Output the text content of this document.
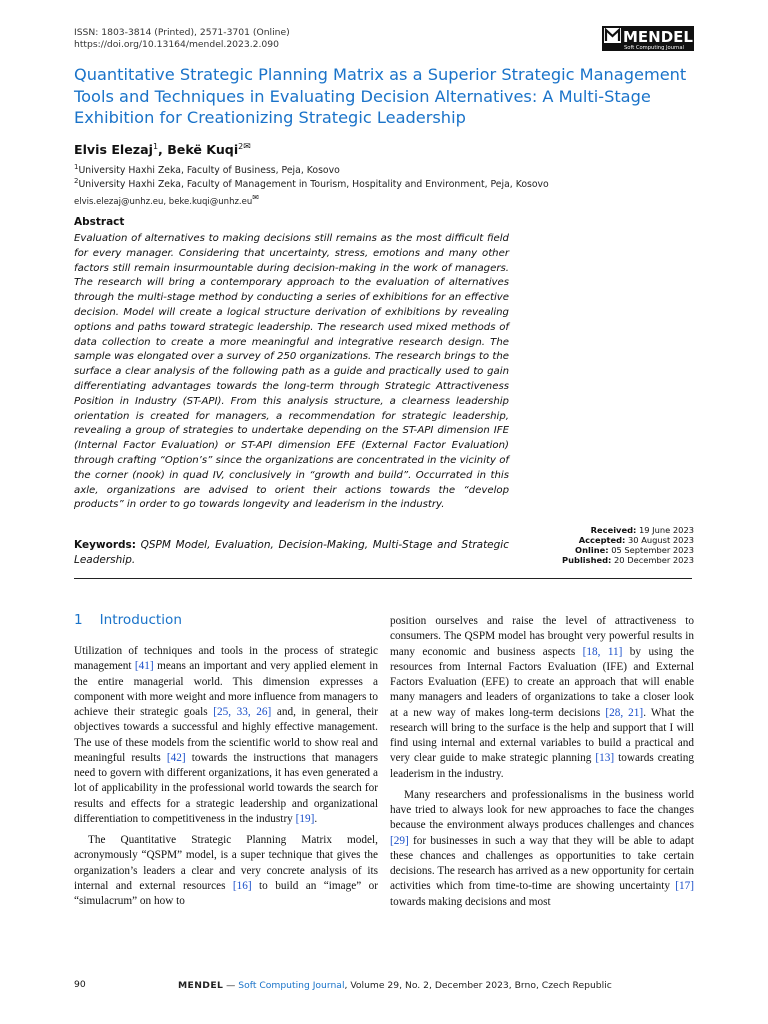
ISSN: 1803-3814 (Printed), 2571-3701 (Online)
https://doi.org/10.13164/mendel.2023.2.090	MENDEL
Soft Computing Journal
Quantitative Strategic Planning Matrix as a Superior Strategic Management Tools and Techniques in Evaluating Decision Alternatives: A Multi-Stage Exhibition for Creationizing Strategic Leadership
Elvis Elezaj$^1$, Bekë Kuqi$^{2✉}$
$^1$University Haxhi Zeka, Faculty of Business, Peja, Kosovo
$^2$University Haxhi Zeka, Faculty of Management in Tourism, Hospitality and Environment, Peja, Kosovo
elvis.elezaj@unhz.eu, beke.kuqi@unhz.eu✉
Abstract

Evaluation of alternatives to making decisions still remains as the most difficult field for every manager. Considering that uncertainty, stress, emotions and many other factors still remain insurmountable during decision-making in the work of managers. The research will bring a contemporary approach to the evaluation of alternatives through the multi-stage method by conducting a series of exhibitions for an effective decision. Model will create a logical structure derivation of exhibitions by revealing options and paths toward strategic leadership. The research used mixed methods of data collection to create a more meaningful and integrative research design. The sample was elongated over a survey of 250 organizations. The research brings to the surface a clear analysis of the following path as a guide and practically used to gain differentiating advantages towards the long-term through Strategic Attractiveness Position in Industry (ST-API). From this analysis structure, a clearness leadership orientation is created for managers, a recommendation for strategic leadership, revealing a group of strategies to undertake depending on the ST-API dimension IFE (Internal Factor Evaluation) or ST-API dimension EFE (External Factor Evaluation) through crafting “Option’s” since the organizations are concentrated in the vicinity of the corner (nook) in quad IV, conclusively in “growth and build”. Occurrated in this axle, organizations are advised to orient their actions towards the “develop products” in order to go towards longevity and leaderism in the industry.

Received: 19 June 2023
Accepted: 30 August 2023
Online: 05 September 2023
Published: 20 December 2023

Keywords: QSPM Model, Evaluation, Decision-Making, Multi-Stage and Strategic Leadership.

1 Introduction

Utilization of techniques and tools in the process of strategic management [41] means an important and very applied element in the entire managerial world. This dimension expresses a component with more weight and more influence from managers to achieve their strategic goals [25, 33, 26] and, in general, their objectives towards a successful and highly effective management. The use of these models from the scientific world to show real and meaningful results [42] towards the instructions that managers need to govern with different organizations, it has even generated a lot of applicability in the professional world towards the search for results and effects for a strategic leadership and organizational differentiation to competitiveness in the industry [19].

The Quantitative Strategic Planning Matrix model, acronymously “QSPM” model, is a super technique that gives the organization’s leaders a clear and very concrete analysis of its internal and external resources [16] to build an “image” or “simulacrum” on how to

position ourselves and raise the level of attractiveness to consumers. The QSPM model has brought very powerful results in many economic and business aspects [18, 11] by using the resources from Internal Factors Evaluation (IFE) and External Factors Evaluation (EFE) to create an approach that will enable many managers and leaders of organizations to take a closer look at a new way of makes long-term decisions [28, 21]. What the research will bring to the surface is the help and support that I will find using internal and external variables to build a practical and very clear guide to make strategic planning [13] towards creating leaderism in the industry.

Many researchers and professionalisms in the business world have tried to always look for new approaches to face the changes because the environment always produces challenges and chances [29] for businesses in such a way that they will be able to adapt these chances and challenges as opportunities to take certain decisions. The research has arrived as a new opportunity for certain activities which from time-to-time are showing uncertainty [17] towards making decisions and most

90	MENDEL — Soft Computing Journal, Volume 29, No. 2, December 2023, Brno, Czech Republic
